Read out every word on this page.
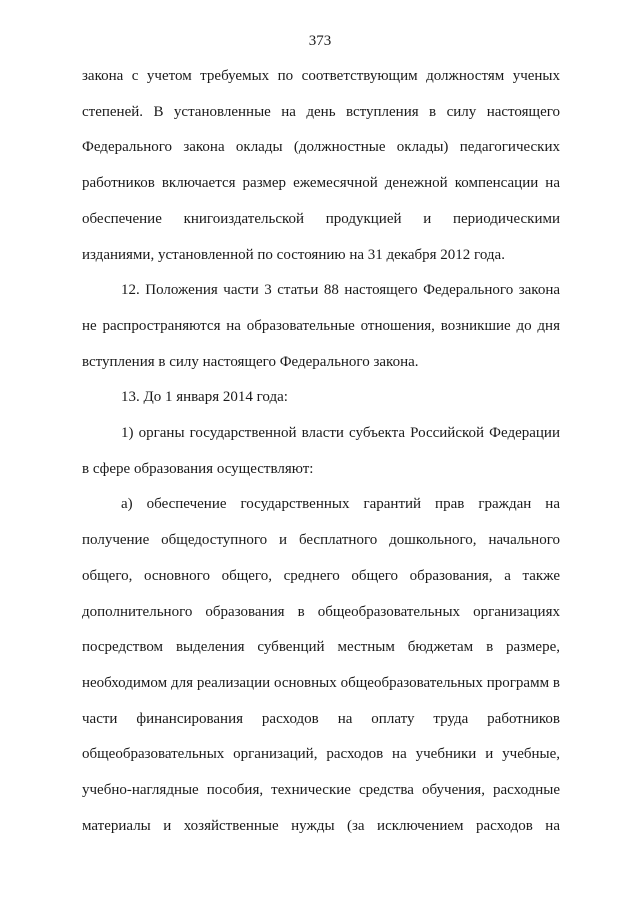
373
закона с учетом требуемых по соответствующим должностям ученых
степеней. В установленные на день вступления в силу настоящего
Федерального закона оклады (должностные оклады) педагогических
работников включается размер ежемесячной денежной компенсации на
обеспечение книгоиздательской продукцией и периодическими
изданиями, установленной по состоянию на 31 декабря 2012 года.
12. Положения части 3 статьи 88 настоящего Федерального закона
не распространяются на образовательные отношения, возникшие до дня
вступления в силу настоящего Федерального закона.
13. До 1 января 2014 года:
1) органы государственной власти субъекта Российской Федерации
в сфере образования осуществляют:
а) обеспечение государственных гарантий прав граждан на
получение общедоступного и бесплатного дошкольного, начального
общего, основного общего, среднего общего образования, а также
дополнительного образования в общеобразовательных организациях
посредством выделения субвенций местным бюджетам в размере,
необходимом для реализации основных общеобразовательных программ в
части финансирования расходов на оплату труда работников
общеобразовательных организаций, расходов на учебники и учебные,
учебно-наглядные пособия, технические средства обучения, расходные
материалы и хозяйственные нужды (за исключением расходов на
